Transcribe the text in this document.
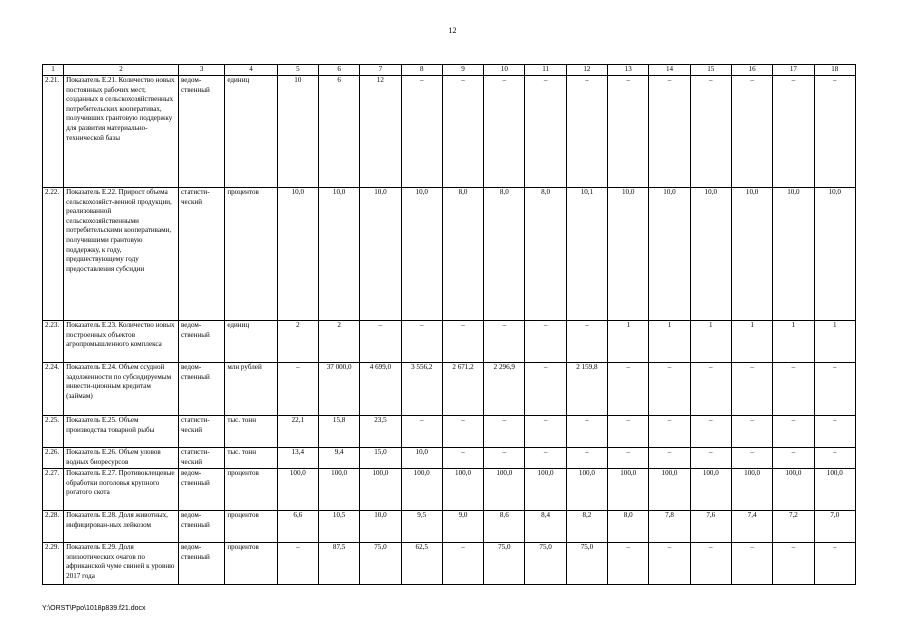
12
1	2	3	4	5	6	7	8	9	10	11	12	13	14	15	16	17	18
2.21.	Показатель Е.21. Количество новых постоянных рабочих мест, созданных в сельскохозяйственных потребительских кооперативах, получивших грантовую поддержку для развития материально-технической базы	ведом-ственный	единиц	10	6	12	–	–	–	–	–	–	–	–	–	–	–
2.22.	Показатель Е.22. Прирост объема сельскохозяйст-венной продукции, реализованной сельскохозяйственными потребительскими кооперативами, получившими грантовую поддержку, к году, предшествующему году предоставления субсидии	статисти-ческий	процентов	10,0	10,0	10,0	10,0	8,0	8,0	8,0	10,1	10,0	10,0	10,0	10,0	10,0	10,0
2.23.	Показатель Е.23. Количество новых построенных объектов агропромышленного комплекса	ведом-ственный	единиц	2	2	–	–	–	–	–	–	1	1	1	1	1	1
2.24.	Показатель Е.24. Объем ссудной задолженности по субсидируемым инвести-ционным кредитам (займам)	ведом-ственный	млн рублей	–	37 000,0	4 699,0	3 556,2	2 671,2	2 296,9	–	2 159,8	–	–	–	–	–	–
2.25.	Показатель Е.25. Объем производства товарной рыбы	статисти-ческий	тыс. тонн	22,1	15,8	23,5	–	–	–	–	–	–	–	–	–	–	–
2.26.	Показатель Е.26. Объем уловов водных биоресурсов	статисти-ческий	тыс. тонн	13,4	9,4	15,0	10,0	–	–	–	–	–	–	–	–	–	–
2.27.	Показатель Е.27. Противоклещевые обработки поголовья крупного рогатого скота	ведом-ственный	процентов	100,0	100,0	100,0	100,0	100,0	100,0	100,0	100,0	100,0	100,0	100,0	100,0	100,0	100,0
2.28.	Показатель Е.28. Доля животных, инфицирован-ных лейкозом	ведом-ственный	процентов	6,6	10,5	10,0	9,5	9,0	8,6	8,4	8,2	8,0	7,8	7,6	7,4	7,2	7,0
2.29.	Показатель Е.29. Доля эпизоотических очагов по африканской чуме свиней к уровню 2017 года	ведом-ственный	процентов	–	87,5	75,0	62,5	–	75,0	75,0	75,0	–	–	–	–	–	–
Y:\ORST\Ppo\1018p839.f21.docx
